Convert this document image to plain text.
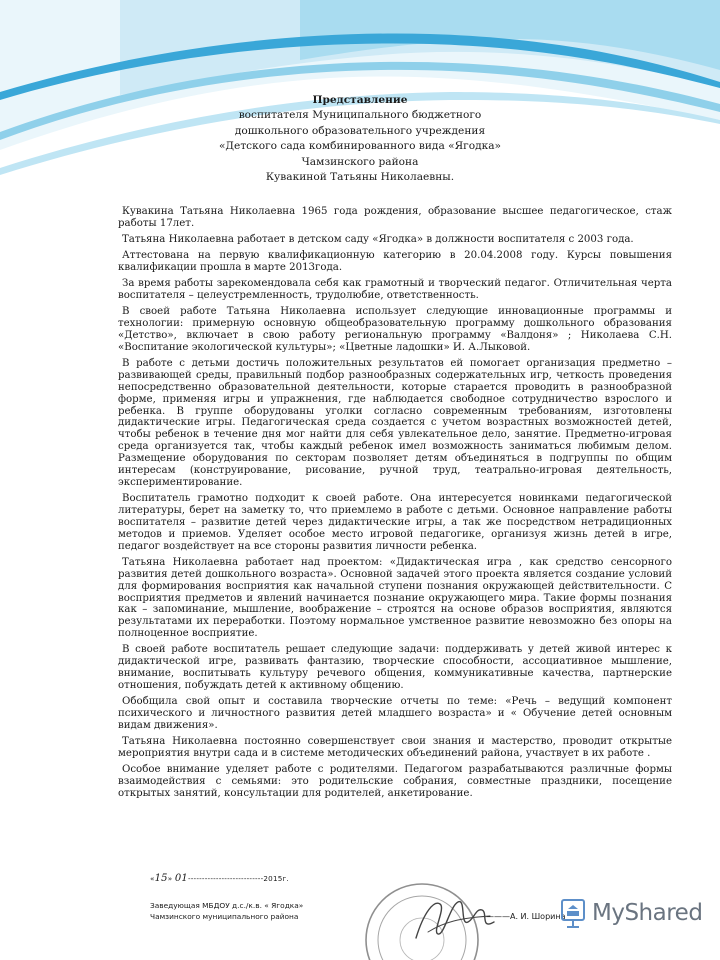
Представление
воспитателя Муниципального бюджетного
дошкольного образовательного учреждения
«Детского сада комбинированного вида «Ягодка»
Чамзинского района
Кувакиной Татьяны Николаевны.

Кувакина Татьяна Николаевна 1965 года рождения, образование высшее педагогическое, стаж работы 17лет.

Татьяна Николаевна работает в детском саду «Ягодка» в должности воспитателя с 2003 года.

Аттестована на первую квалификационную категорию в 20.04.2008 году. Курсы повышения квалификации прошла в марте 2013года.

За время работы зарекомендовала себя как грамотный и творческий педагог. Отличительная черта воспитателя – целеустремленность, трудолюбие, ответственность.

В своей работе Татьяна Николаевна использует следующие инновационные программы и технологии: примерную основную общеобразовательную программу дошкольного образования «Детство», включает в свою работу региональную программу «Валдоня» ; Николаева С.Н. «Воспитание экологической культуры»; «Цветные ладошки» И. А.Лыковой.

В работе с детьми достичь положительных результатов ей помогает организация предметно – развивающей среды, правильный подбор разнообразных содержательных игр, четкость проведения непосредственно образовательной деятельности, которые старается проводить в разнообразной форме, применяя игры и упражнения, где наблюдается свободное сотрудничество взрослого и ребенка. В группе оборудованы уголки согласно современным требованиям, изготовлены дидактические игры. Педагогическая среда создается с учетом возрастных возможностей детей, чтобы ребенок в течение дня мог найти для себя увлекательное дело, занятие. Предметно-игровая среда организуется так, чтобы каждый ребенок имел возможность заниматься любимым делом. Размещение оборудования по секторам позволяет детям объединяться в подгруппы по общим интересам (конструирование, рисование, ручной труд, театрально-игровая деятельность, экспериментирование.

Воспитатель грамотно подходит к своей работе. Она интересуется новинками педагогической литературы, берет на заметку то, что приемлемо в работе с детьми. Основное направление работы воспитателя – развитие детей через дидактические игры, а так же посредством нетрадиционных методов и приемов. Уделяет особое место игровой педагогике, организуя жизнь детей в игре, педагог воздействует на все стороны развития личности ребенка.

Татьяна Николаевна работает над проектом: «Дидактическая игра , как средство сенсорного развития детей дошкольного возраста». Основной задачей этого проекта является создание условий для формирования восприятия как начальной ступени познания окружающей действительности. С восприятия предметов и явлений начинается познание окружающего мира. Такие формы познания как – запоминание, мышление, воображение – строятся на основе образов восприятия, являются результатами их переработки. Поэтому нормальное умственное развитие невозможно без опоры на полноценное восприятие.

В своей работе воспитатель решает следующие задачи: поддерживать у детей живой интерес к дидактической игре, развивать фантазию, творческие способности, ассоциативное мышление, внимание, воспитывать культуру речевого общения, коммуникативные качества, партнерские отношения, побуждать детей к активному общению.

Обобщила свой опыт и составила творческие отчеты по теме: «Речь – ведущий компонент психического и личностного развития детей младшего возраста» и « Обучение детей основным видам движения».

Татьяна Николаевна постоянно совершенствует свои знания и мастерство, проводит открытые мероприятия внутри сада и в системе методических объединений района, участвует в их работе .

Особое внимание уделяет работе с родителями. Педагогом разрабатываются различные формы взаимодействия с семьями: это родительские собрания, совместные праздники, посещение открытых занятий, консультации для родителей, анкетирование.

«15» 01---------------------------2015г.
Заведующая МБДОУ д.с./к.в. « Ягодка»
Чамзинского муниципального района	————А. И. Шорина MyShared
